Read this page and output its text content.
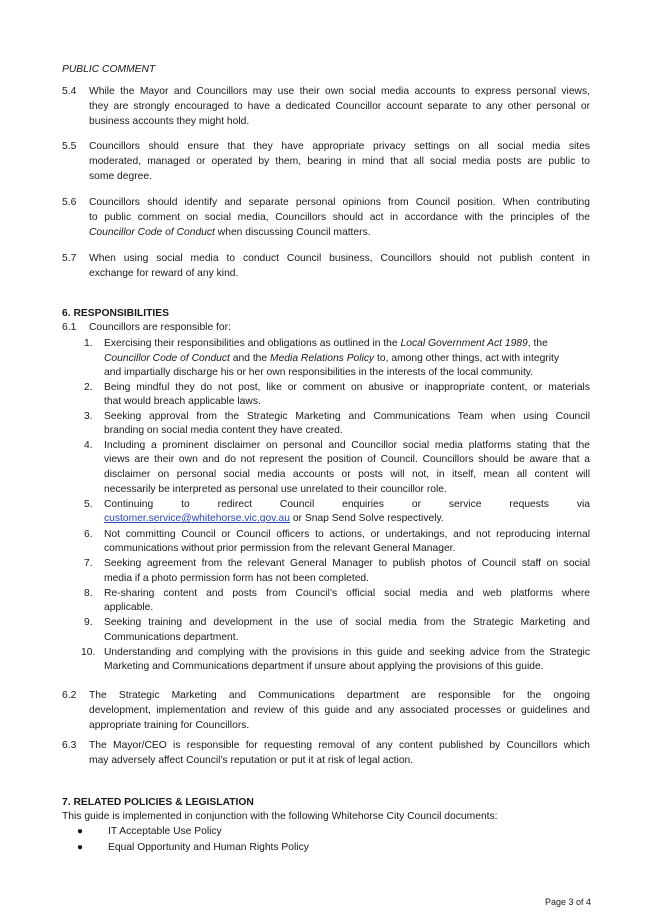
PUBLIC COMMENT
5.4 While the Mayor and Councillors may use their own social media accounts to express personal views,
they are strongly encouraged to have a dedicated Councillor account separate to any other personal or
business accounts they might hold.
5.5 Councillors should ensure that they have appropriate privacy settings on all social media sites
moderated, managed or operated by them, bearing in mind that all social media posts are public to
some degree.
5.6 Councillors should identify and separate personal opinions from Council position. When contributing
to public comment on social media, Councillors should act in accordance with the principles of the
Councillor Code of Conduct when discussing Council matters.
5.7 When using social media to conduct Council business, Councillors should not publish content in
exchange for reward of any kind.
6. RESPONSIBILITIES
6.1 Councillors are responsible for:
1. Exercising their responsibilities and obligations as outlined in the Local Government Act 1989, the
Councillor Code of Conduct and the Media Relations Policy to, among other things, act with integrity
and impartially discharge his or her own responsibilities in the interests of the local community.
2. Being mindful they do not post, like or comment on abusive or inappropriate content, or materials
that would breach applicable laws.
3. Seeking approval from the Strategic Marketing and Communications Team when using Council
branding on social media content they have created.
4. Including a prominent disclaimer on personal and Councillor social media platforms stating that the
views are their own and do not represent the position of Council. Councillors should be aware that a
disclaimer on personal social media accounts or posts will not, in itself, mean all content will
necessarily be interpreted as personal use unrelated to their councillor role.
5. Continuing to redirect Council enquiries or service requests via
customer.service@whitehorse.vic.gov.au or Snap Send Solve respectively.
6. Not committing Council or Council officers to actions, or undertakings, and not reproducing internal
communications without prior permission from the relevant General Manager.
7. Seeking agreement from the relevant General Manager to publish photos of Council staff on social
media if a photo permission form has not been completed.
8. Re-sharing content and posts from Council’s official social media and web platforms where
applicable.
9. Seeking training and development in the use of social media from the Strategic Marketing and
Communications department.
10. Understanding and complying with the provisions in this guide and seeking advice from the Strategic
Marketing and Communications department if unsure about applying the provisions of this guide.
6.2 The Strategic Marketing and Communications department are responsible for the ongoing
development, implementation and review of this guide and any associated processes or guidelines and
appropriate training for Councillors.
6.3 The Mayor/CEO is responsible for requesting removal of any content published by Councillors which
may adversely affect Council’s reputation or put it at risk of legal action.
7. RELATED POLICIES & LEGISLATION
This guide is implemented in conjunction with the following Whitehorse City Council documents:
● IT Acceptable Use Policy
● Equal Opportunity and Human Rights Policy
Page 3 of 4
